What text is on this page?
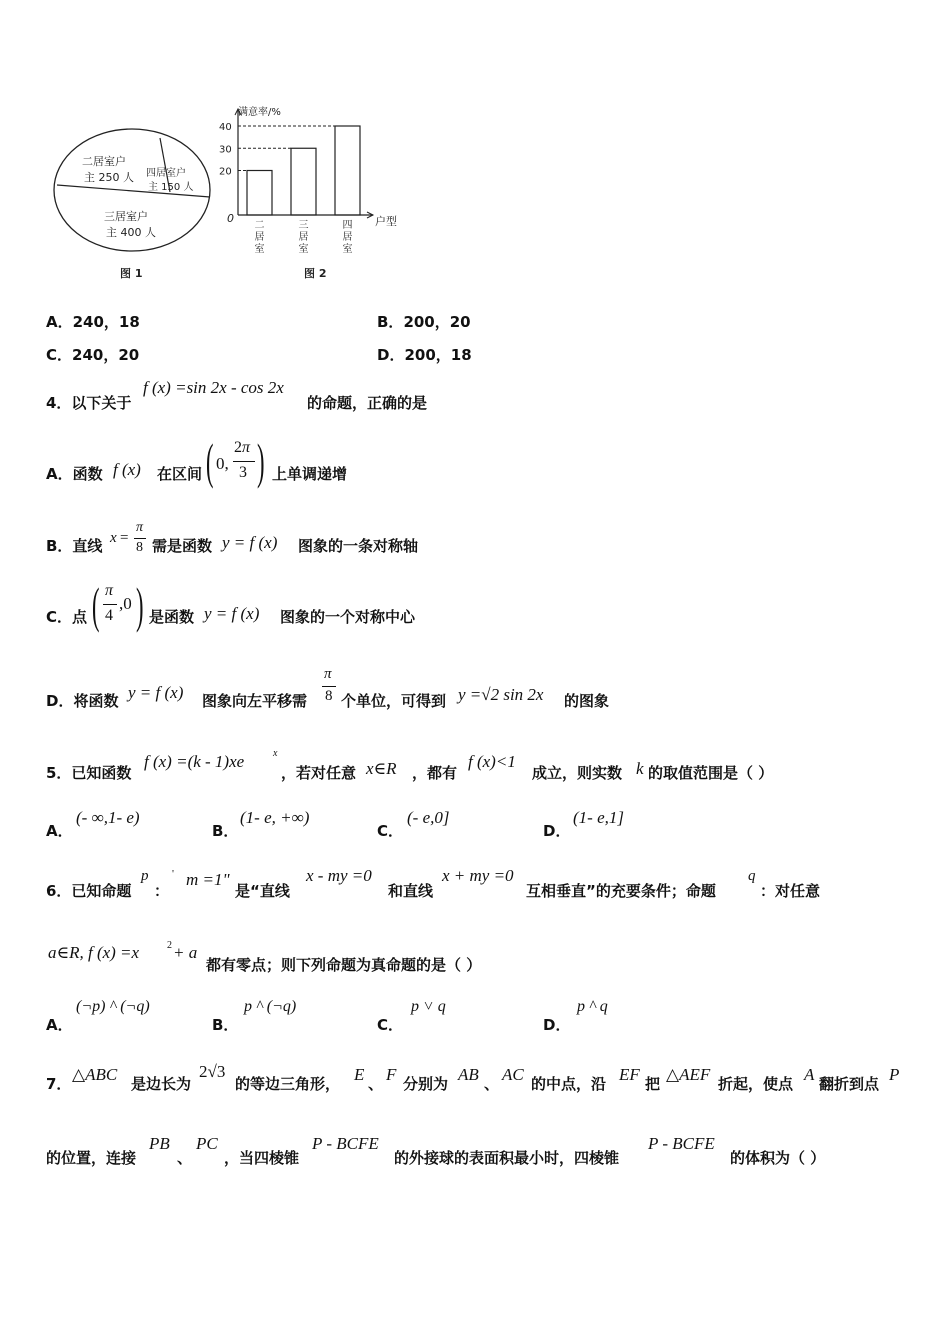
二居室户
主 250 人 四居室户
主 150 人
三居室户
主 400 人
图 1
满意率/%
户型
0
图 2
20
二
居
室
30
三
居
室
40
四
居
室
A．240，18	B．200，20
C．240，20	D．200，18
4．以下关于
f (x) =sin 2x - cos 2x
的命题，正确的是
A．函数 f (x) 在区间 ( 0,
2π
3 ) 上单调递增
B．直线 x =
π
8 需是函数 y = f (x) 图象的一条对称轴
C．点 ( π
4
,0 ) 是函数 y = f (x) 图象的一个对称中心
D．将函数 y = f (x) 图象向左平移需
π
8 个单位，可得到 y =√2 sin 2x 的图象
5．已知函数
f (x) =(k - 1)xe	x
，若对任意 x∈R ，都有
f (x)<1
成立，则实数 k 的取值范围是（ ）
A．
(- ∞,1- e)
B．
(1- e, +∞)
C．
(- e,0]
D．
(1- e,1]
6．已知命题
p
：
' m =1"
是“直线
x - my =0
和直线
x + my =0
互相垂直”的充要条件；命题
q
：对任意
a∈R, f (x) =x	2 + a
都有零点；则下列命题为真命题的是（ ）
A．
(¬p) ^ (¬q)
B．
p ^ (¬q)
C．
p ˅ q
D．
p ^ q
7． △ABC 是边长为
2√3
的等边三角形， E 、 F 分别为 AB 、 AC 的中点，沿 EF 把 △AEF 折起，使点 A 翻折到点 P
的位置，连接
PB
、
PC
，当四棱锥
P - BCFE
的外接球的表面积最小时，四棱锥
P - BCFE
的体积为（ ）
